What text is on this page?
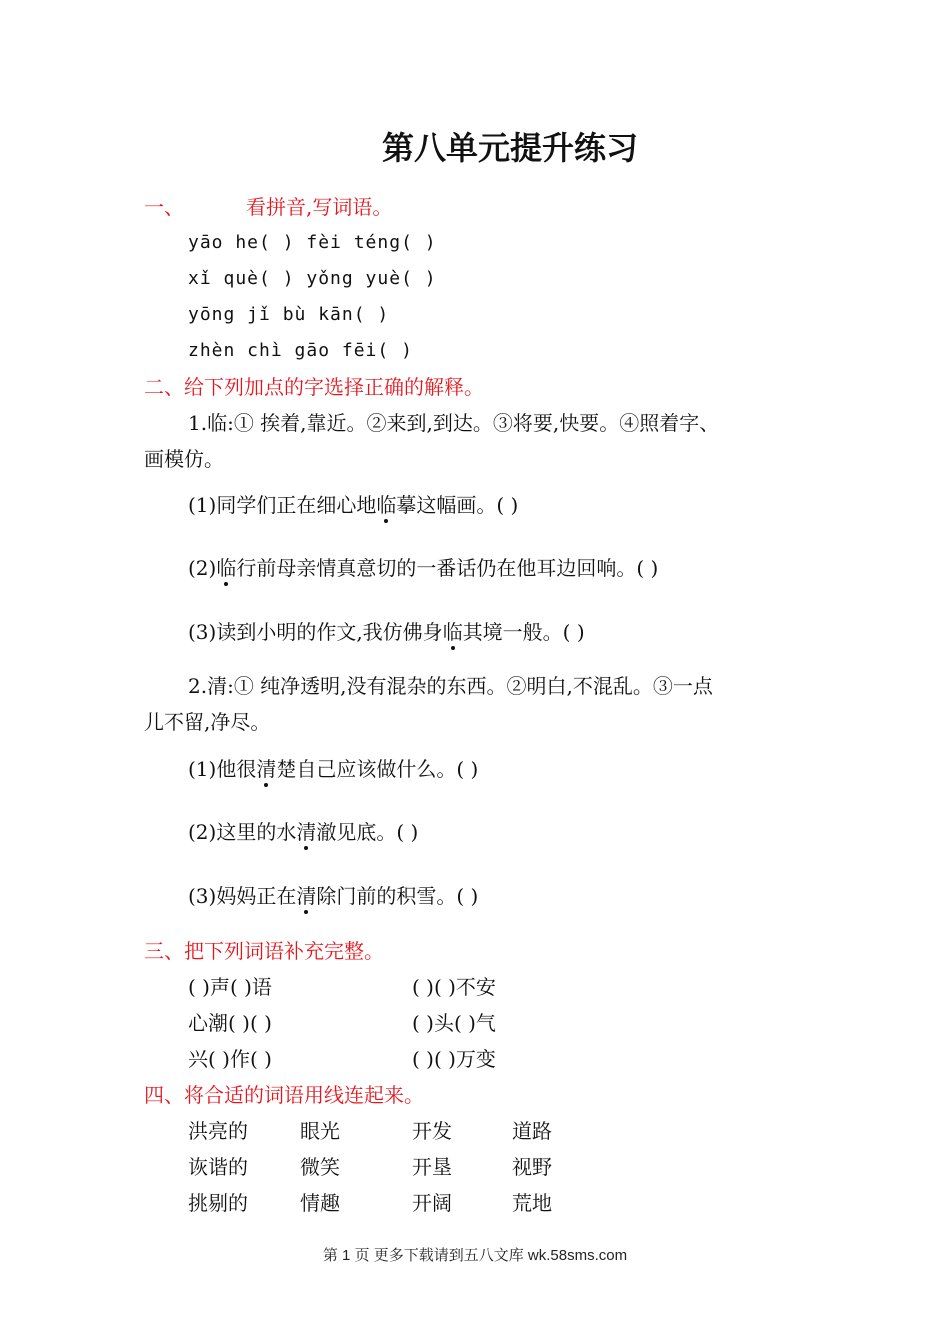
第八单元提升练习
一、	看拼音,写词语。
yāo he( ) fèi téng( )
xǐ què( ) yǒng yuè( )
yōng jǐ bù kān( )
zhèn chì gāo fēi( )
二、给下列加点的字选择正确的解释。
1.临:① 挨着,靠近。②来到,到达。③将要,快要。④照着字、
画模仿。
(1)同学们正在细心地临摹这幅画。( )
(2)临行前母亲情真意切的一番话仍在他耳边回响。( )
(3)读到小明的作文,我仿佛身临其境一般。( )
2.清:① 纯净透明,没有混杂的东西。②明白,不混乱。③一点
儿不留,净尽。
(1)他很清楚自己应该做什么。( )
(2)这里的水清澈见底。( )
(3)妈妈正在清除门前的积雪。( )
三、把下列词语补充完整。
( )声( )语	( )( )不安
心潮( )( )	( )头( )气
兴( )作( )	( )( )万变
四、将合适的词语用线连起来。
洪亮的	眼光	开发	道路
诙谐的	微笑	开垦	视野
挑剔的	情趣	开阔	荒地
第 1 页 更多下载请到五八文库 wk.58sms.com
